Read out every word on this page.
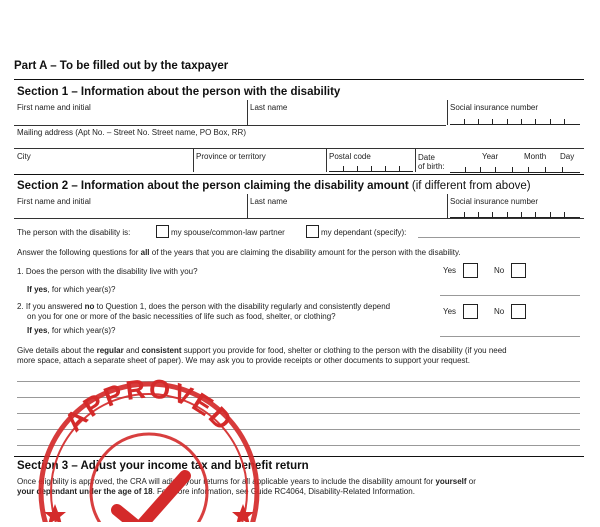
Part A – To be filled out by the taxpayer
Section 1 – Information about the person with the disability
First name and initial	Last name	Social insurance number
Mailing address (Apt No. – Street No. Street name, PO Box, RR)
City	Province or territory	Postal code	Date
of birth:
Year	Month Day
Section 2 – Information about the person claiming the disability amount (if different from above)
First name and initial	Last name	Social insurance number
The person with the disability is:	my spouse/common-law partner	my dependant (specify):
Answer the following questions for all of the years that you are claiming the disability amount for the person with the disability.
1. Does the person with the disability live with you?	Yes	No
If yes, for which year(s)?
2. If you answered no to Question 1, does the person with the disability regularly and consistently depend
on you for one or more of the basic necessities of life such as food, shelter, or clothing?
Yes	No
If yes, for which year(s)?
Give details about the regular and consistent support you provide for food, shelter or clothing to the person with the disability (if you need
more space, attach a separate sheet of paper). We may ask you to provide receipts or other documents to support your request.
Section 3 – Adjust your income tax and benefit return
Once eligibility is approved, the CRA will adjust your returns for all applicable years to include the disability amount for yourself or
your dependant under the age of 18. For more information, see Guide RC4064, Disability-Related Information.
APPROVED
